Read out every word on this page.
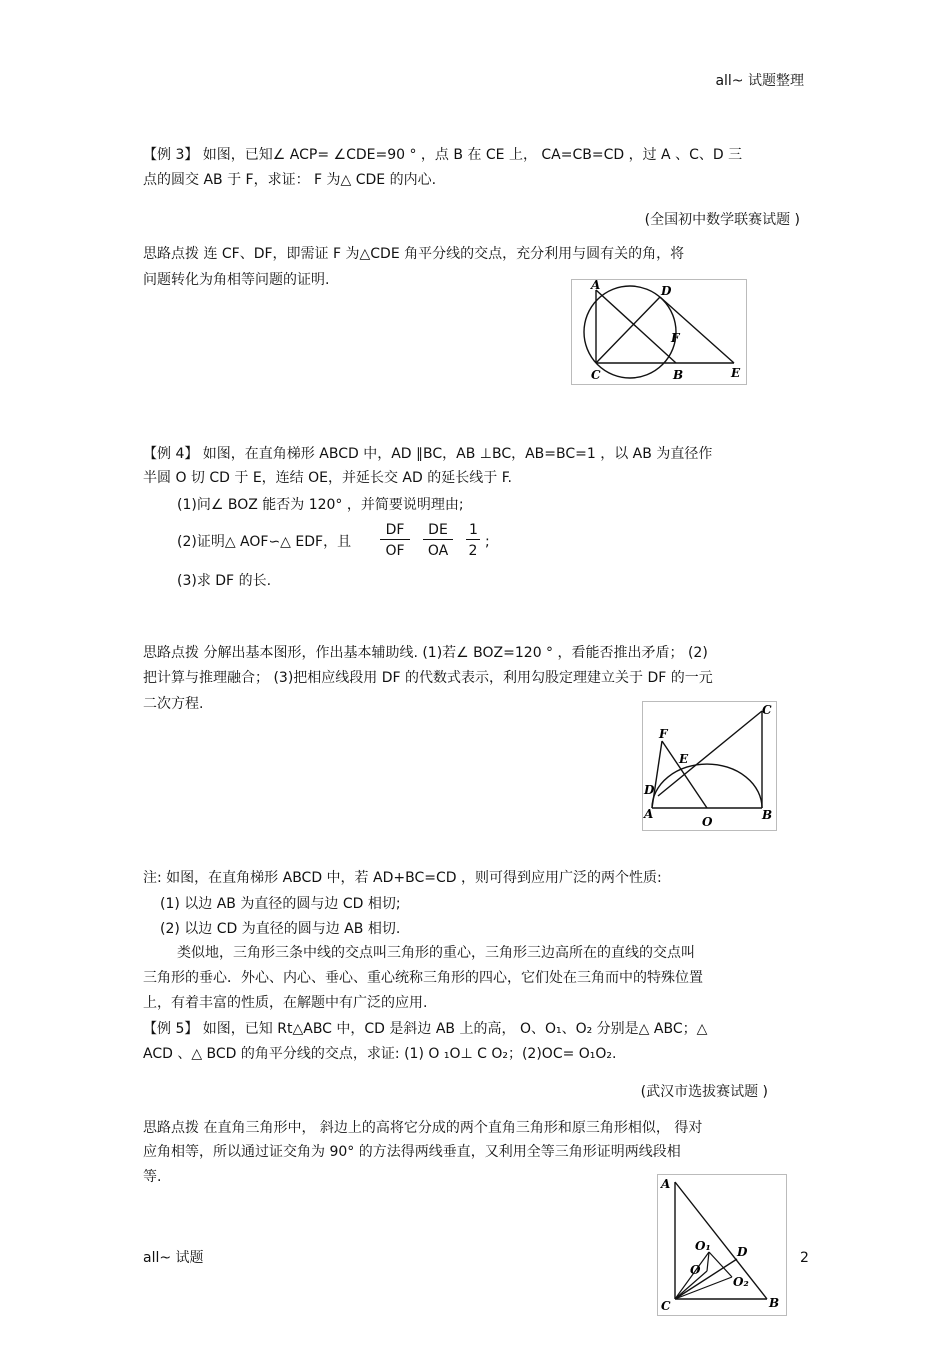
all~ 试题整理
【例 3】 如图，已知∠ ACP= ∠CDE=90 ° ，点 B 在 CE 上， CA=CB=CD ，过 A 、C、D 三
点的圆交 AB 于 F，求证： F 为△ CDE 的内心.
(全国初中数学联赛试题 )
思路点拨 连 CF、DF，即需证 F 为△CDE 角平分线的交点，充分利用与圆有关的角，将
问题转化为角相等问题的证明.	A	D
F
C	B	E
【例 4】 如图，在直角梯形 ABCD 中，AD ∥BC，AB ⊥BC，AB=BC=1 ，以 AB 为直径作
半圆 O 切 CD 于 E，连结 OE，并延长交 AD 的延长线于 F.
(1)问∠ BOZ 能否为 120° ，并简要说明理由;
(2)证明△ AOF∽△ EDF，且 $\frac{DF}{OF} \frac{DE}{OA} \frac{1}{2}$ ;
(3)求 DF 的长.
思路点拨 分解出基本图形，作出基本辅助线. (1)若∠ BOZ=120 ° ，看能否推出矛盾； (2)
把计算与推理融合； (3)把相应线段用 DF 的代数式表示，利用勾股定理建立关于 DF 的一元
二次方程.	C
F
E
D
A
O	B
注: 如图，在直角梯形 ABCD 中，若 AD+BC=CD ，则可得到应用广泛的两个性质:
(1) 以边 AB 为直径的圆与边 CD 相切;
(2) 以边 CD 为直径的圆与边 AB 相切.
类似地，三角形三条中线的交点叫三角形的重心，三角形三边高所在的直线的交点叫
三角形的垂心．外心、内心、垂心、重心统称三角形的四心，它们处在三角而中的特殊位置
上，有着丰富的性质，在解题中有广泛的应用.
【例 5】 如图，已知 Rt△ABC 中，CD 是斜边 AB 上的高， O、O₁、O₂ 分别是△ ABC；△
ACD 、△ BCD 的角平分线的交点，求证: (1) O ₁O⊥ C O₂；(2)OC= O₁O₂.
(武汉市选拔赛试题 )
思路点拨 在直角三角形中， 斜边上的高将它分成的两个直角三角形和原三角形相似， 得对
应角相等，所以通过证交角为 90° 的方法得两线垂直，又利用全等三角形证明两线段相
等.	A
O₁ D
O
O₂
C	B
all~ 试题	2
